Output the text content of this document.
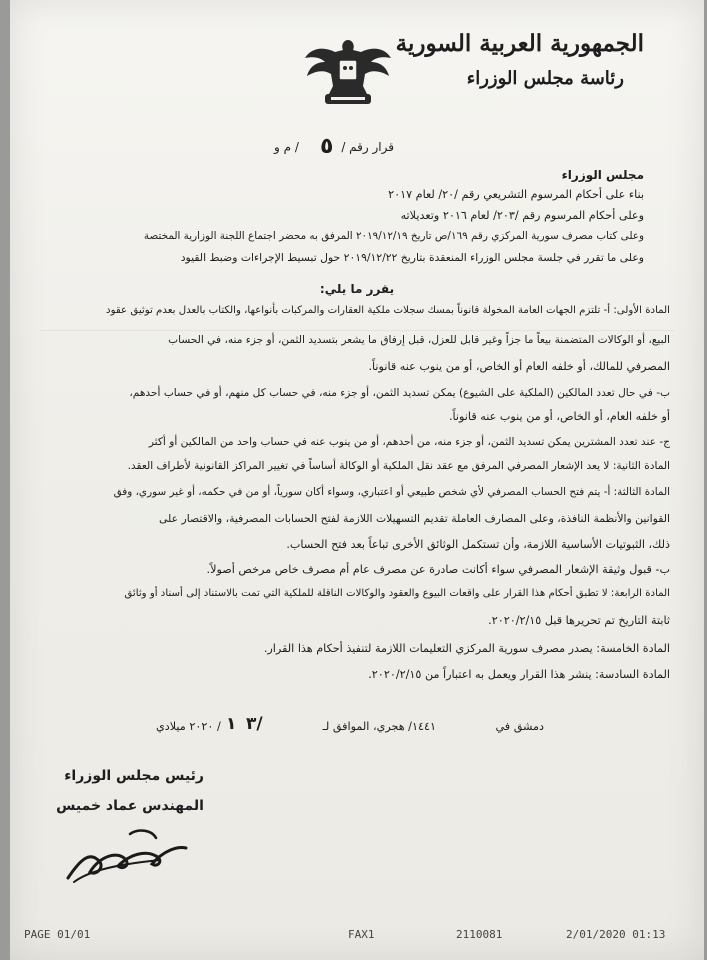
الجمهورية العربية السورية
رئاسة مجلس الوزراء
قرار رقم /
٥
/ م و
مجلس الوزراء
بناء على أحكام المرسوم التشريعي رقم /٢٠/ لعام ٢٠١٧
وعلى أحكام المرسوم رقم /٢٠٣/ لعام ٢٠١٦ وتعديلاته
وعلى كتاب مصرف سورية المركزي رقم ١٦٩/ص تاريخ ٢٠١٩/١٢/١٩ المرفق به محضر اجتماع اللجنة الوزارية المختصة
وعلى ما تقرر في جلسة مجلس الوزراء المنعقدة بتاريخ ٢٠١٩/١٢/٢٢ حول تبسيط الإجراءات وضبط القيود
يقرر ما يلي:
المادة الأولى: أ- تلتزم الجهات العامة المخولة قانوناً بمسك سجلات ملكية العقارات والمركبات بأنواعها، والكتاب بالعدل بعدم توثيق عقود
البيع، أو الوكالات المتضمنة بيعاً ما جزاً وغير قابل للعزل، قبل إرفاق ما يشعر بتسديد الثمن، أو جزء منه، في الحساب
المصرفي للمالك، أو خلفه العام أو الخاص، أو من ينوب عنه قانوناً.
ب- في حال تعدد المالكين (الملكية على الشيوع) يمكن تسديد الثمن، أو جزء منه، في حساب كل منهم، أو في حساب أحدهم،
أو خلفه العام، أو الخاص، أو من ينوب عنه قانوناً.
ج- عند تعدد المشترين يمكن تسديد الثمن، أو جزء منه، من أحدهم، أو من ينوب عنه في حساب واحد من المالكين أو أكثر
المادة الثانية: لا يعد الإشعار المصرفي المرفق مع عقد نقل الملكية أو الوكالة أساساً في تغيير المراكز القانونية لأطراف العقد.
المادة الثالثة: أ- يتم فتح الحساب المصرفي لأي شخص طبيعي أو اعتباري، وسواء أكان سورياً، أو من في حكمه، أو غير سوري، وفق
القوانين والأنظمة النافذة، وعلى المصارف العاملة تقديم التسهيلات اللازمة لفتح الحسابات المصرفية، والاقتصار على
ذلك، الثبوتيات الأساسية اللازمة، وأن تستكمل الوثائق الأخرى تباعاً بعد فتح الحساب.
ب- قبول وثيقة الإشعار المصرفي سواء أكانت صادرة عن مصرف عام أم مصرف خاص مرخص أصولاً.
المادة الرابعة: لا تطبق أحكام هذا القرار على واقعات البيوع والعقود والوكالات الناقلة للملكية التي تمت بالاستناد إلى أسناد أو وثائق
ثابتة التاريخ تم تحريرها قبل ٢٠٢٠/٢/١٥.
المادة الخامسة: يصدر مصرف سورية المركزي التعليمات اللازمة لتنفيذ أحكام هذا القرار.
المادة السادسة: ينشر هذا القرار ويعمل به اعتباراً من ٢٠٢٠/٢/١٥.
دمشق في
١٤٤١/ هجري، الموافق لـ
٣/
١
/ ٢٠٢٠ ميلادي
رئيس مجلس الوزراء
المهندس عماد خميس
PAGE 01/01	FAX1	2110081	2/01/2020 01:13
